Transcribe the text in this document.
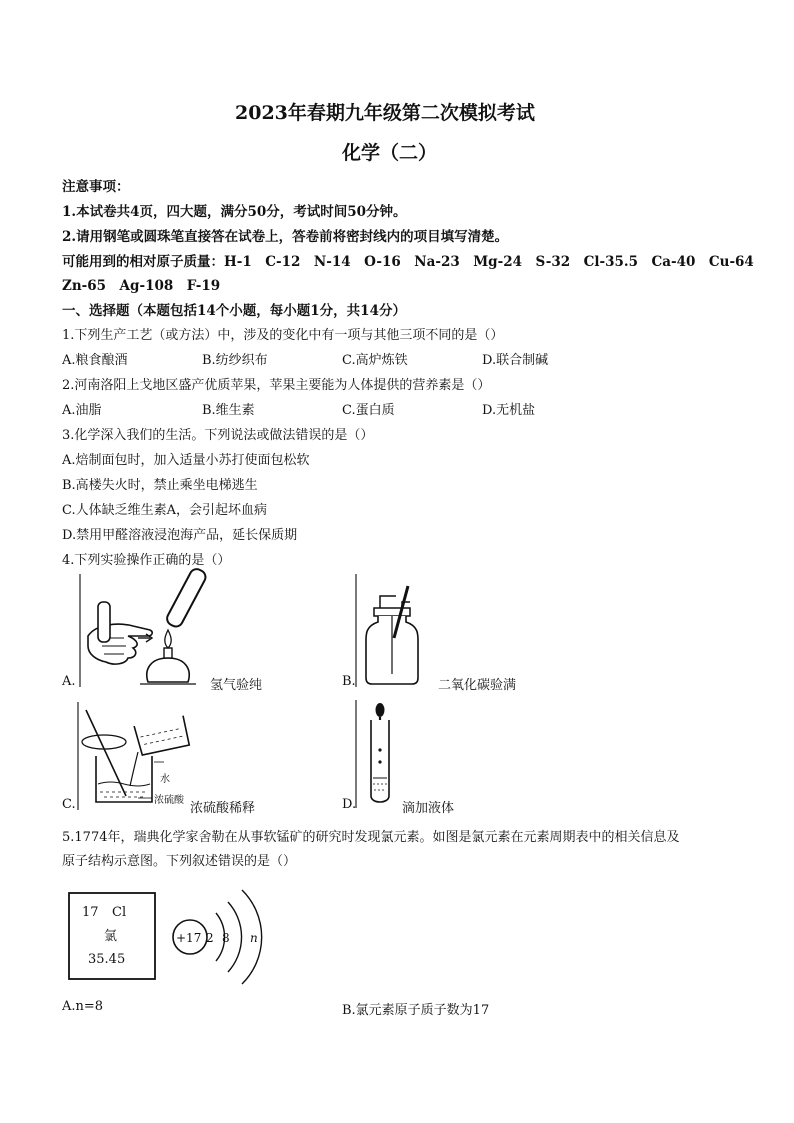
2023年春期九年级第二次模拟考试
化学（二）
注意事项：
1.本试卷共4页，四大题，满分50分，考试时间50分钟。
2.请用钢笔或圆珠笔直接答在试卷上，答卷前将密封线内的项目填写清楚。
可能用到的相对原子质量：H-1　C-12　N-14　O-16　Na-23　Mg-24　S-32　Cl-35.5　Ca-40　Cu-64
Zn-65　Ag-108　F-19
一、选择题（本题包括14个小题，每小题1分，共14分）
1.下列生产工艺（或方法）中，涉及的变化中有一项与其他三项不同的是（）
A.粮食酿酒	B.纺纱织布	C.高炉炼铁	D.联合制碱
2.河南洛阳上戈地区盛产优质苹果，苹果主要能为人体提供的营养素是（）
A.油脂	B.维生素	C.蛋白质	D.无机盐
3.化学深入我们的生活。下列说法或做法错误的是（）
A.焙制面包时，加入适量小苏打使面包松软
B.高楼失火时，禁止乘坐电梯逃生
C.人体缺乏维生素A，会引起坏血病
D.禁用甲醛溶液浸泡海产品，延长保质期
4.下列实验操作正确的是（）
A.	氢气验纯	B.	二氧化碳验满
水
浓硫酸
C.	浓硫酸稀释	D.	滴加液体
5.1774年，瑞典化学家舍勒在从事软锰矿的研究时发现氯元素。如图是氯元素在元素周期表中的相关信息及
原子结构示意图。下列叙述错误的是（）
17 Cl
氯
35.45
+17 2 8 n
A.n=8	B.氯元素原子质子数为17
